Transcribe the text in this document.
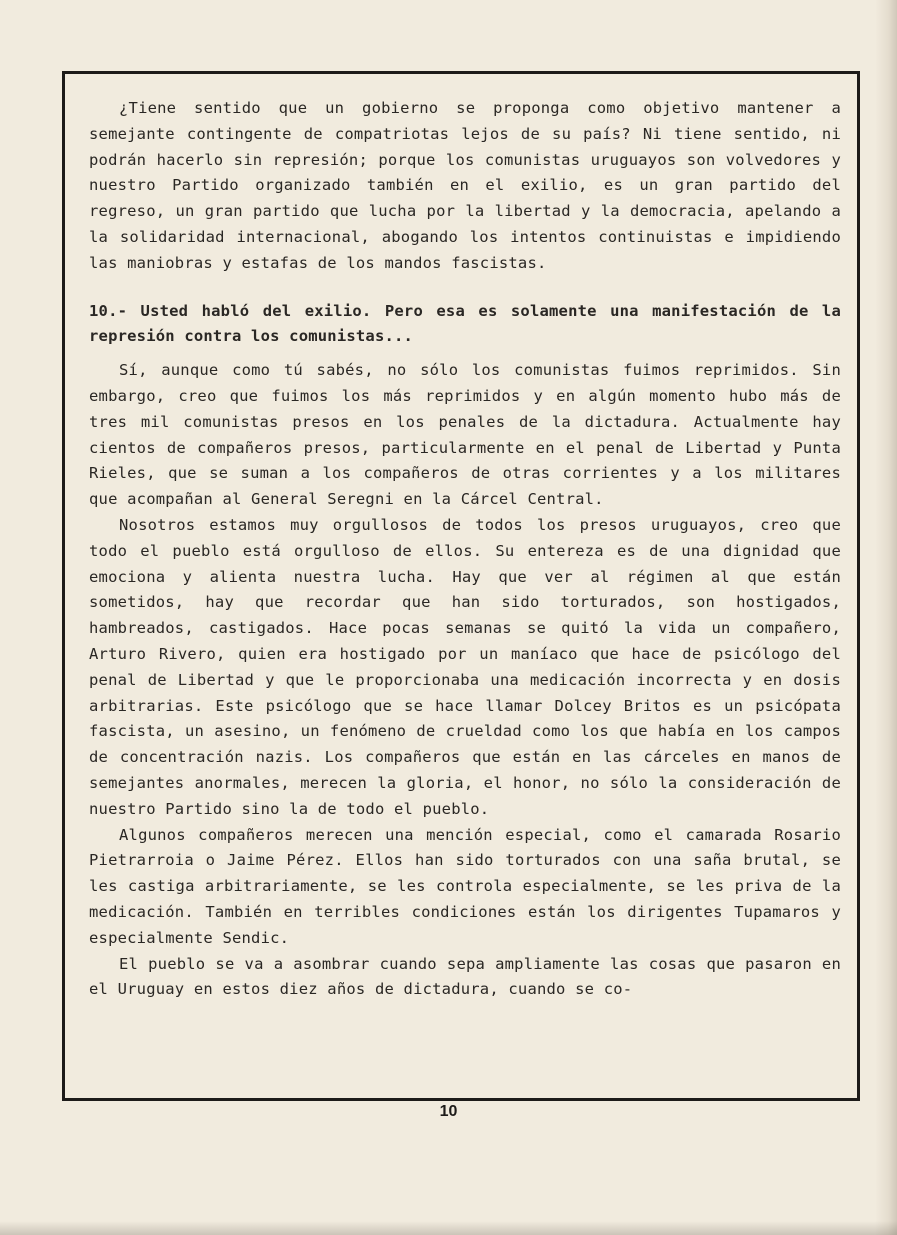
¿Tiene sentido que un gobierno se proponga como objetivo mantener a semejante contingente de compatriotas lejos de su país? Ni tiene sentido, ni podrán hacerlo sin represión; porque los comunistas uruguayos son volvedores y nuestro Partido organizado también en el exilio, es un gran partido del regreso, un gran partido que lucha por la libertad y la democracia, apelando a la solidaridad internacional, abogando los intentos continuistas e impidiendo las maniobras y estafas de los mandos fascistas.

10.- Usted habló del exilio. Pero esa es solamente una manifestación de la represión contra los comunistas...

Sí, aunque como tú sabés, no sólo los comunistas fuimos reprimidos. Sin embargo, creo que fuimos los más reprimidos y en algún momento hubo más de tres mil comunistas presos en los penales de la dictadura. Actualmente hay cientos de compañeros presos, particularmente en el penal de Libertad y Punta Rieles, que se suman a los compañeros de otras corrientes y a los militares que acompañan al General Seregni en la Cárcel Central.

Nosotros estamos muy orgullosos de todos los presos uruguayos, creo que todo el pueblo está orgulloso de ellos. Su entereza es de una dignidad que emociona y alienta nuestra lucha. Hay que ver al régimen al que están sometidos, hay que recordar que han sido torturados, son hostigados, hambreados, castigados. Hace pocas semanas se quitó la vida un compañero, Arturo Rivero, quien era hostigado por un maníaco que hace de psicólogo del penal de Libertad y que le proporcionaba una medicación incorrecta y en dosis arbitrarias. Este psicólogo que se hace llamar Dolcey Britos es un psicópata fascista, un asesino, un fenómeno de crueldad como los que había en los campos de concentración nazis. Los compañeros que están en las cárceles en manos de semejantes anormales, merecen la gloria, el honor, no sólo la consideración de nuestro Partido sino la de todo el pueblo.

Algunos compañeros merecen una mención especial, como el camarada Rosario Pietrarroia o Jaime Pérez. Ellos han sido torturados con una saña brutal, se les castiga arbitrariamente, se les controla especialmente, se les priva de la medicación. También en terribles condiciones están los dirigentes Tupamaros y especialmente Sendic.

El pueblo se va a asombrar cuando sepa ampliamente las cosas que pasaron en el Uruguay en estos diez años de dictadura, cuando se co-

10
